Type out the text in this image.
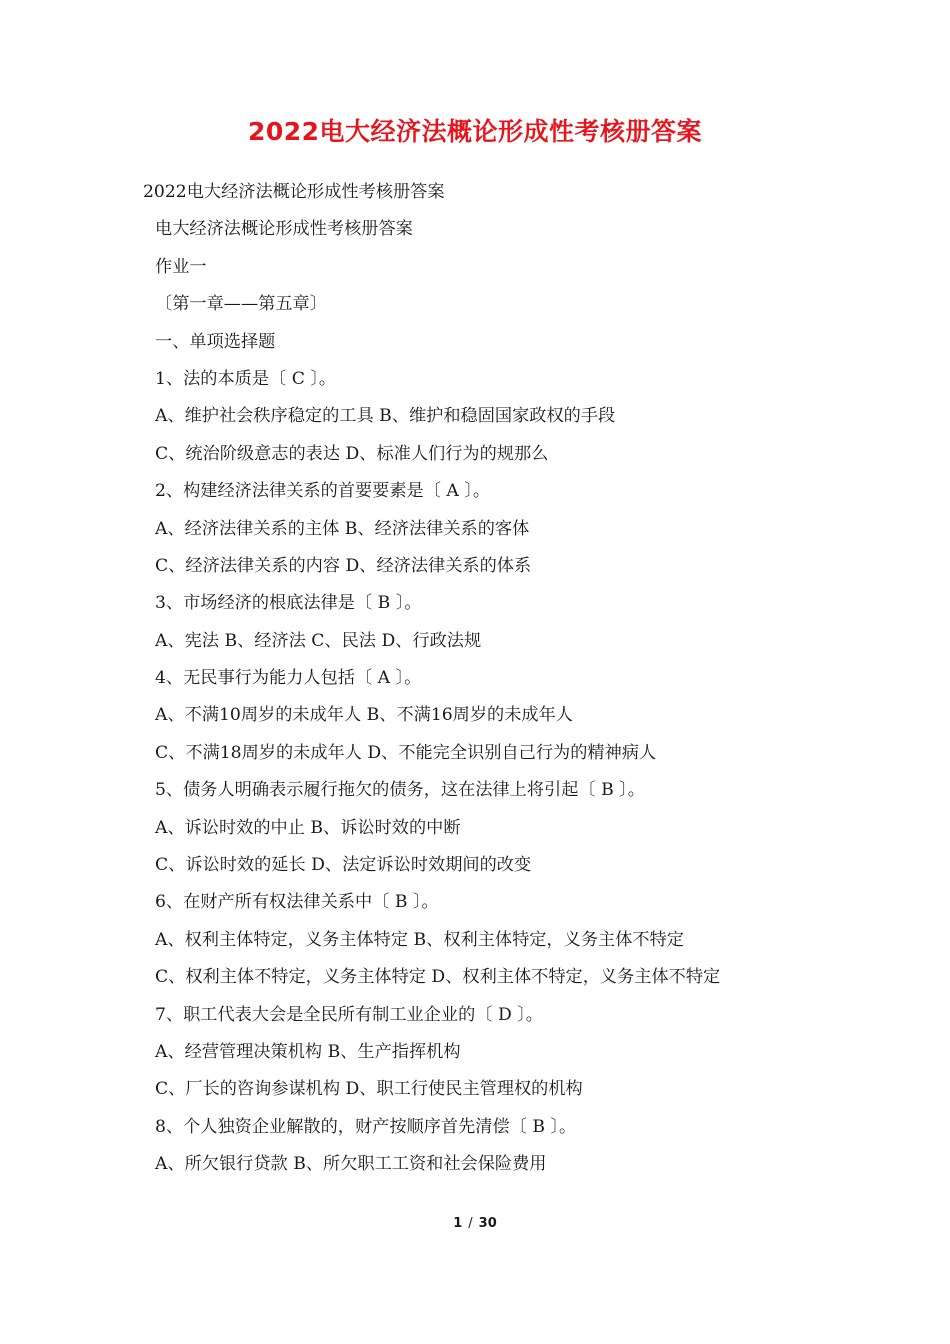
2022电大经济法概论形成性考核册答案
2022电大经济法概论形成性考核册答案
电大经济法概论形成性考核册答案
作业一
〔第一章——第五章〕
一、单项选择题
1、法的本质是〔 C 〕。
A、维护社会秩序稳定的工具 B、维护和稳固国家政权的手段
C、统治阶级意志的表达 D、标准人们行为的规那么
2、构建经济法律关系的首要要素是〔 A 〕。
A、经济法律关系的主体 B、经济法律关系的客体
C、经济法律关系的内容 D、经济法律关系的体系
3、市场经济的根底法律是〔 B 〕。
A、宪法 B、经济法 C、民法 D、行政法规
4、无民事行为能力人包括〔 A 〕。
A、不满10周岁的未成年人 B、不满16周岁的未成年人
C、不满18周岁的未成年人 D、不能完全识别自己行为的精神病人
5、债务人明确表示履行拖欠的债务，这在法律上将引起〔 B 〕。
A、诉讼时效的中止 B、诉讼时效的中断
C、诉讼时效的延长 D、法定诉讼时效期间的改变
6、在财产所有权法律关系中〔 B 〕。
A、权利主体特定，义务主体特定 B、权利主体特定，义务主体不特定
C、权利主体不特定，义务主体特定 D、权利主体不特定，义务主体不特定
7、职工代表大会是全民所有制工业企业的〔 D 〕。
A、经营管理决策机构 B、生产指挥机构
C、厂长的咨询参谋机构 D、职工行使民主管理权的机构
8、个人独资企业解散的，财产按顺序首先清偿〔 B 〕。
A、所欠银行贷款 B、所欠职工工资和社会保险费用
1 / 30
